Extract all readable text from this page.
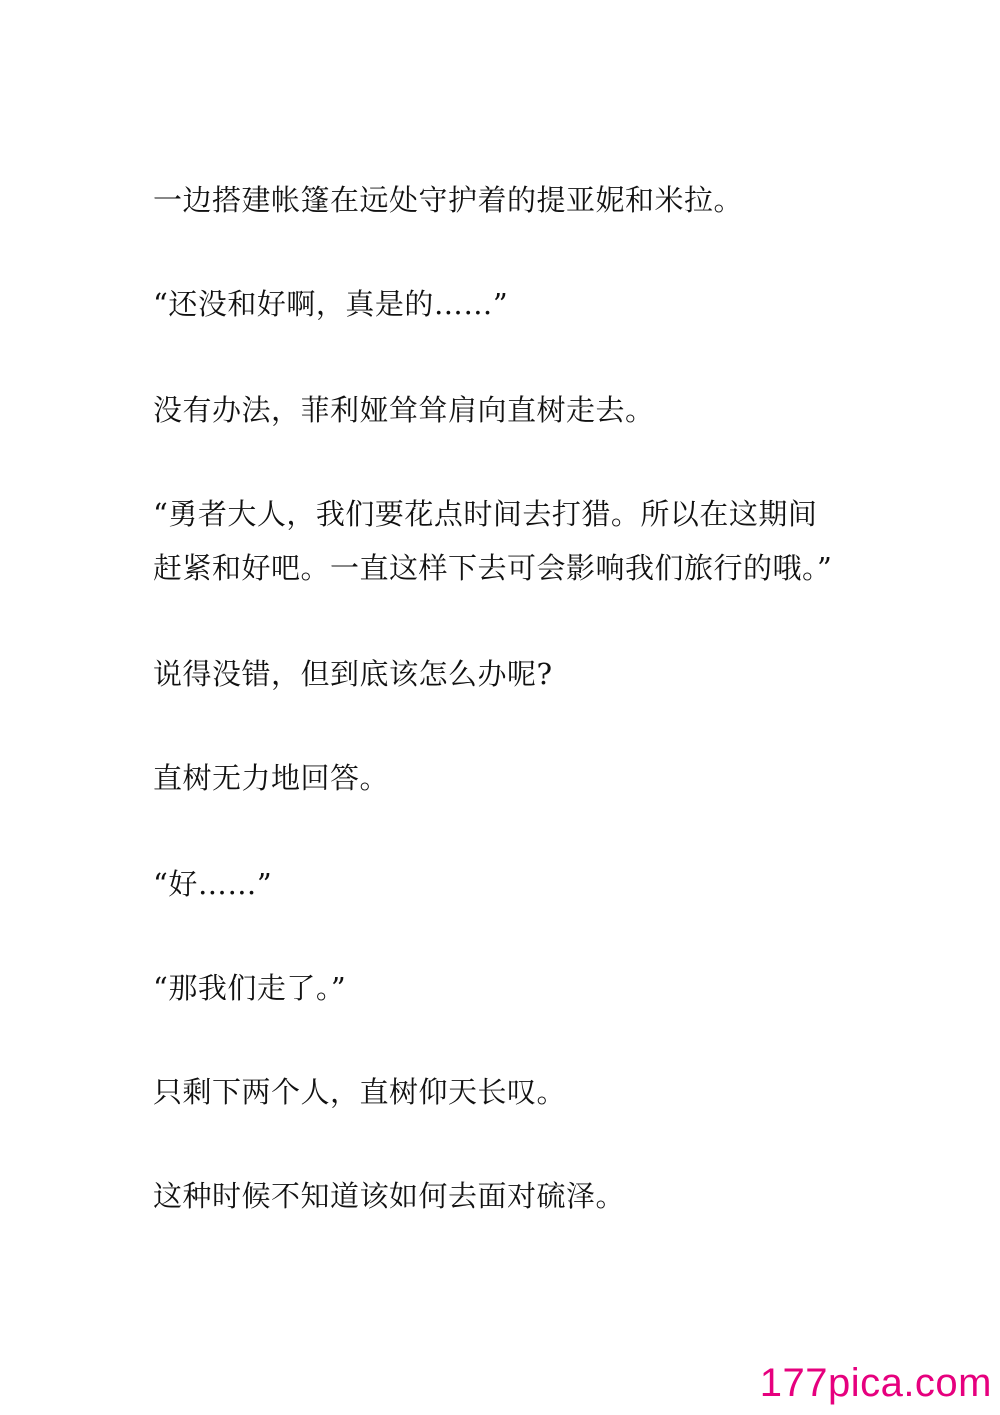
一边搭建帐篷在远处守护着的提亚妮和米拉。
“还没和好啊，真是的……”
没有办法，菲利娅耸耸肩向直树走去。
“勇者大人，我们要花点时间去打猎。所以在这期间
赶紧和好吧。一直这样下去可会影响我们旅行的哦。”
说得没错，但到底该怎么办呢?
直树无力地回答。
“好……”
“那我们走了。”
只剩下两个人，直树仰天长叹。
这种时候不知道该如何去面对硫泽。
177pica.com
